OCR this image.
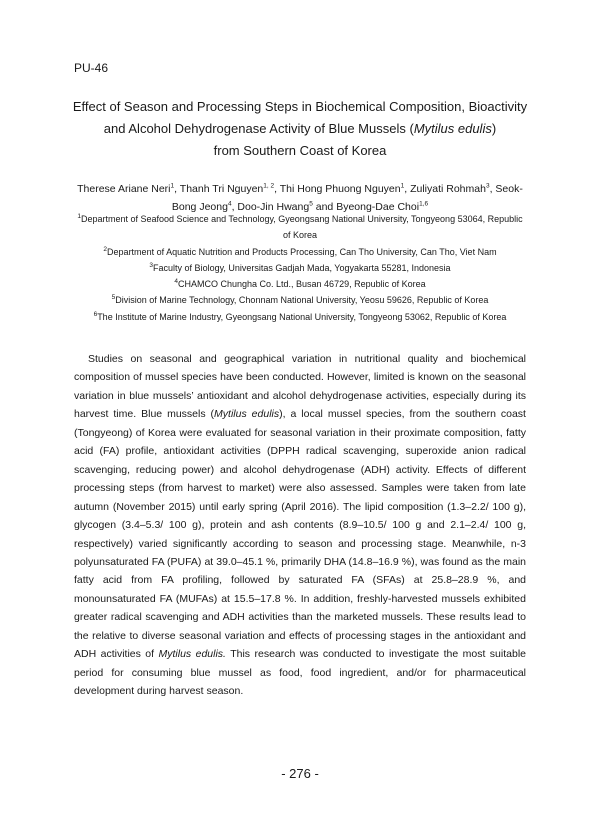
PU-46
Effect of Season and Processing Steps in Biochemical Composition, Bioactivity
and Alcohol Dehydrogenase Activity of Blue Mussels (Mytilus edulis)
from Southern Coast of Korea
Therese Ariane Neri$^1$, Thanh Tri Nguyen$^{1, 2}$, Thi Hong Phuong Nguyen$^1$, Zuliyati Rohmah$^3$, Seok-Bong Jeong$^4$, Doo-Jin Hwang$^5$ and Byeong-Dae Choi$^{1,6}$
$^1$Department of Seafood Science and Technology, Gyeongsang National University, Tongyeong 53064, Republic of Korea
$^2$Department of Aquatic Nutrition and Products Processing, Can Tho University, Can Tho, Viet Nam
$^3$Faculty of Biology, Universitas Gadjah Mada, Yogyakarta 55281, Indonesia
$^4$CHAMCO Chungha Co. Ltd., Busan 46729, Republic of Korea
$^5$Division of Marine Technology, Chonnam National University, Yeosu 59626, Republic of Korea
$^6$The Institute of Marine Industry, Gyeongsang National University, Tongyeong 53062, Republic of Korea
Studies on seasonal and geographical variation in nutritional quality and biochemical composition of mussel species have been conducted. However, limited is known on the seasonal variation in blue mussels’ antioxidant and alcohol dehydrogenase activities, especially during its harvest time. Blue mussels (Mytilus edulis), a local mussel species, from the southern coast (Tongyeong) of Korea were evaluated for seasonal variation in their proximate composition, fatty acid (FA) profile, antioxidant activities (DPPH radical scavenging, superoxide anion radical scavenging, reducing power) and alcohol dehydrogenase (ADH) activity. Effects of different processing steps (from harvest to market) were also assessed. Samples were taken from late autumn (November 2015) until early spring (April 2016). The lipid composition (1.3–2.2/ 100 g), glycogen (3.4–5.3/ 100 g), protein and ash contents (8.9–10.5/ 100 g and 2.1–2.4/ 100 g, respectively) varied significantly according to season and processing stage. Meanwhile, n-3 polyunsaturated FA (PUFA) at 39.0–45.1 %, primarily DHA (14.8–16.9 %), was found as the main fatty acid from FA profiling, followed by saturated FA (SFAs) at 25.8–28.9 %, and monounsaturated FA (MUFAs) at 15.5–17.8 %. In addition, freshly-harvested mussels exhibited greater radical scavenging and ADH activities than the marketed mussels. These results lead to the relative to diverse seasonal variation and effects of processing stages in the antioxidant and ADH activities of Mytilus edulis. This research was conducted to investigate the most suitable period for consuming blue mussel as food, food ingredient, and/or for pharmaceutical development during harvest season.
- 276 -
